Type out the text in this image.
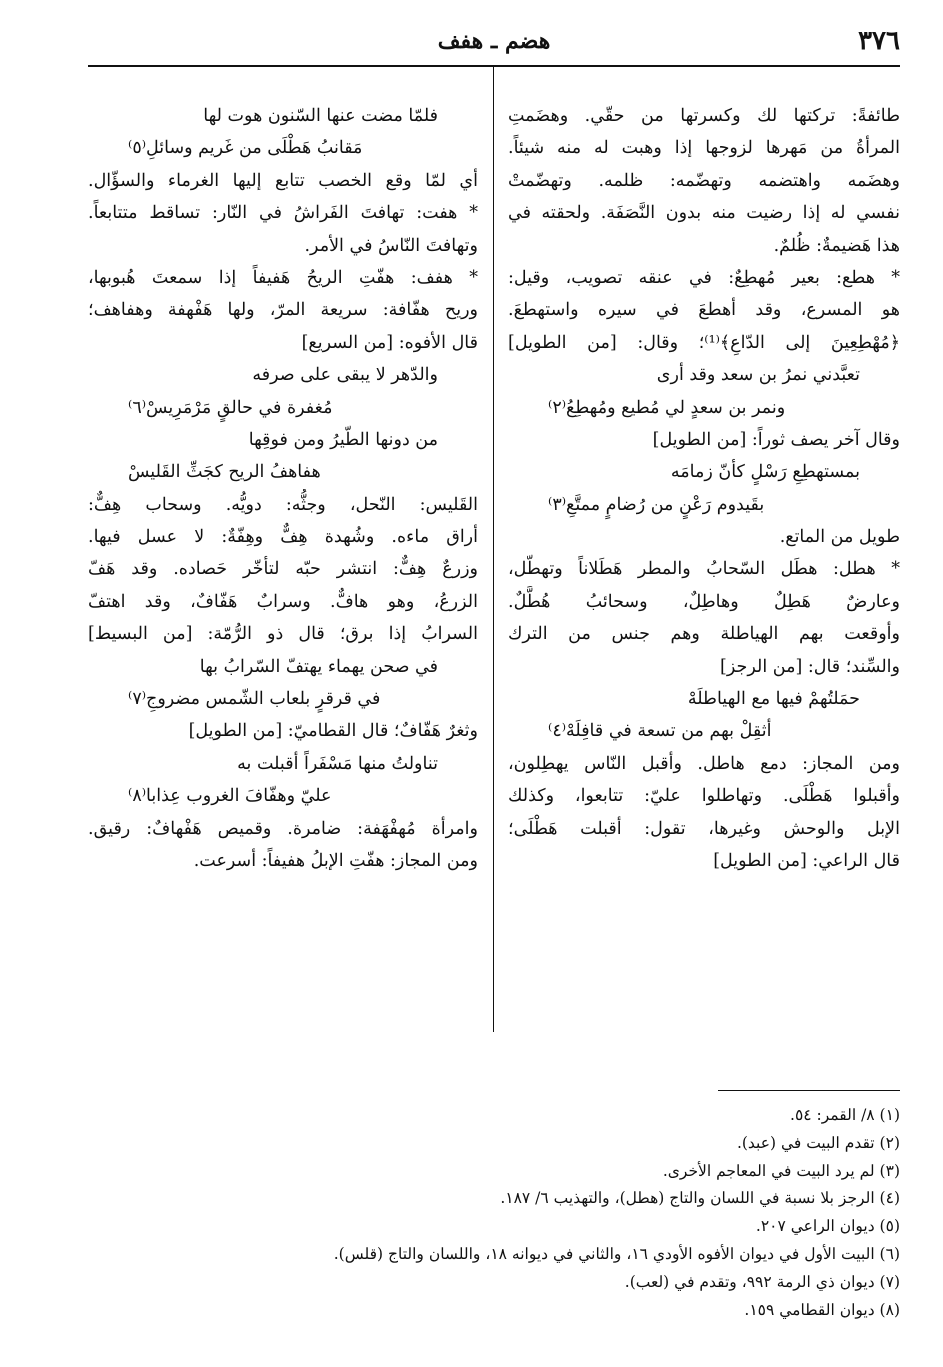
٣٧٦
هضم ـ هفف
طائفةً: تركتها لك وكسرتها من حقّي. وهضَمتِ
المرأةُ من مَهرها لزوجها إذا وهبت له منه شيئاً.
وهضَمه واهتضمه وتهضّمه: ظلمه. وتهضّمتْ
نفسي له إذا رضيت منه بدون النَّصَفَة. ولحقته في
هذا هَضيمةٌ: ظُلمٌ.
* هطع: بعير مُهطِعٌ: في عنقه تصويب، وقيل:
هو المسرع، وقد أهطعَ في سيره واستهطعَ.
﴿مُهْطِعِينَ إلى الدّاعِ﴾⁽¹⁾؛ وقال: [من الطويل]
تعبَّدني نمرُ بن سعد وقد أرى
ونمر بن سعدٍ لي مُطيع ومُهطِعُ⁽٢⁾
وقال آخر يصف ثوراً: [من الطويل]
بمستهطِعِ رَسْلٍ كأنّ زمامَه
بقَيدوم رَعْنٍ من رُضامٍ ممتَّعِ⁽٣⁾
طويل من الماتع.
* هطل: هطَل السّحابُ والمطر هَطَلاناً وتهطّل،
وعارضٌ هَطِلٌ وهاطِلٌ، وسحائبُ هُطَّلٌ.
وأوقعت بهم الهياطلة وهم جنس من الترك
والسِّند؛ قال: [من الرجز]
حمَلتُهمْ فيها مع الهياطلَهْ
أثقِلْ بهم من تسعة في قافِلَهْ⁽٤⁾
ومن المجاز: دمع هاطل. وأقبل النّاس يهطِلون،
وأقبلوا هَطْلَى. وتهاطلوا عليّ: تتابعوا، وكذلك
الإبل والوحش وغيرها، تقول: أقبلت هَطْلَى؛
قال الراعي: [من الطويل]
فلمّا مضت عنها السّنون هوت لها
مَقانبُ هَطْلَى من غَريم وسائلِ⁽٥⁾
أي لمّا وقع الخصب تتابع إليها الغرماء والسؤّال.
* هفت: تهافتَ الفَراشُ في النّار: تساقط متتابعاً.
وتهافتَ النّاسُ في الأمر.
* هفف: هفّتِ الريحُ هَفيفاً إذا سمعتَ هُبوبها،
وريح هفّافة: سريعة المرّ، ولها هَفْهفة وهفاهف؛
قال الأفوه: [من السريع]
والدّهر لا يبقى على صرفه
مُغفرة في حالقٍ مَرْمَرِيسْ⁽٦⁾
من دونها الطّيرُ ومن فوقِها
هفاهفُ الريح كجَثِّ القَليسْ
القَليس: النّحل، وجثُّه: دويُّه. وسحاب هِفٌّ:
أراق ماءه. وشُهدة هِفٌّ وهِفّةٌ: لا عسل فيها.
وزرعٌ هِفٌّ: انتشر حبّه لتأخّر حَصاده. وقد هَفّ
الزرعُ، وهو هافٌّ. وسرابٌ هَفّافٌ، وقد اهتفّ
السرابُ إذا برق؛ قال ذو الرُّمّة: [من البسيط]
في صحن يهماء يهتفّ السّرابُ بها
في قرقرٍ بلعاب الشّمس مضروجِ⁽٧⁾
وثغرٌ هَفّافٌ؛ قال القطاميّ: [من الطويل]
تناولتُ منها مَسْفَراً أقبلت به
عليّ وهفّافَ الغروب عِذابا⁽٨⁾
وامرأة مُهفْهَفة: ضامرة. وقميص هَفْهافٌ: رقيق.
ومن المجاز: هفّتِ الإبلُ هفيفاً: أسرعت.
(١) ٨/ القمر: ٥٤.
(٢) تقدم البيت في (عبد).
(٣) لم يرد البيت في المعاجم الأخرى.
(٤) الرجز بلا نسبة في اللسان والتاج (هطل)، والتهذيب ٦/ ١٨٧.
(٥) ديوان الراعي ٢٠٧.
(٦) البيت الأول في ديوان الأفوه الأودي ١٦، والثاني في ديوانه ١٨، واللسان والتاج (قلس).
(٧) ديوان ذي الرمة ٩٩٢، وتقدم في (لعب).
(٨) ديوان القطامي ١٥٩.
